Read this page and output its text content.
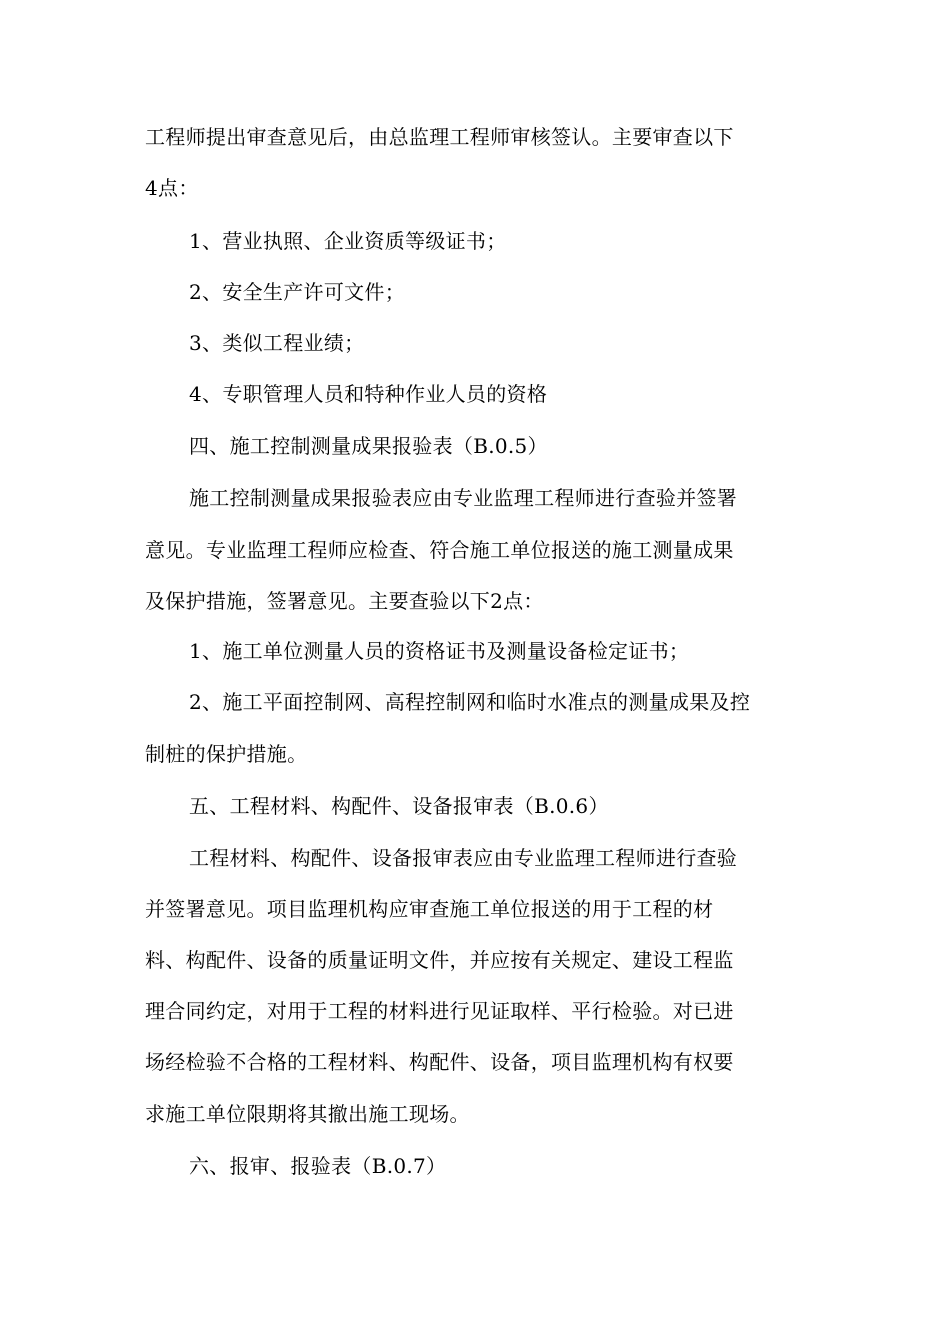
工程师提出审查意见后，由总监理工程师审核签认。主要审查以下
4点：
1、营业执照、企业资质等级证书；
2、安全生产许可文件；
3、类似工程业绩；
4、专职管理人员和特种作业人员的资格
四、施工控制测量成果报验表（B.0.5）
施工控制测量成果报验表应由专业监理工程师进行查验并签署
意见。专业监理工程师应检查、符合施工单位报送的施工测量成果
及保护措施，签署意见。主要查验以下2点：
1、施工单位测量人员的资格证书及测量设备检定证书；
2、施工平面控制网、高程控制网和临时水准点的测量成果及控
制桩的保护措施。
五、工程材料、构配件、设备报审表（B.0.6）
工程材料、构配件、设备报审表应由专业监理工程师进行查验
并签署意见。项目监理机构应审查施工单位报送的用于工程的材
料、构配件、设备的质量证明文件，并应按有关规定、建设工程监
理合同约定，对用于工程的材料进行见证取样、平行检验。对已进
场经检验不合格的工程材料、构配件、设备，项目监理机构有权要
求施工单位限期将其撤出施工现场。
六、报审、报验表（B.0.7）
